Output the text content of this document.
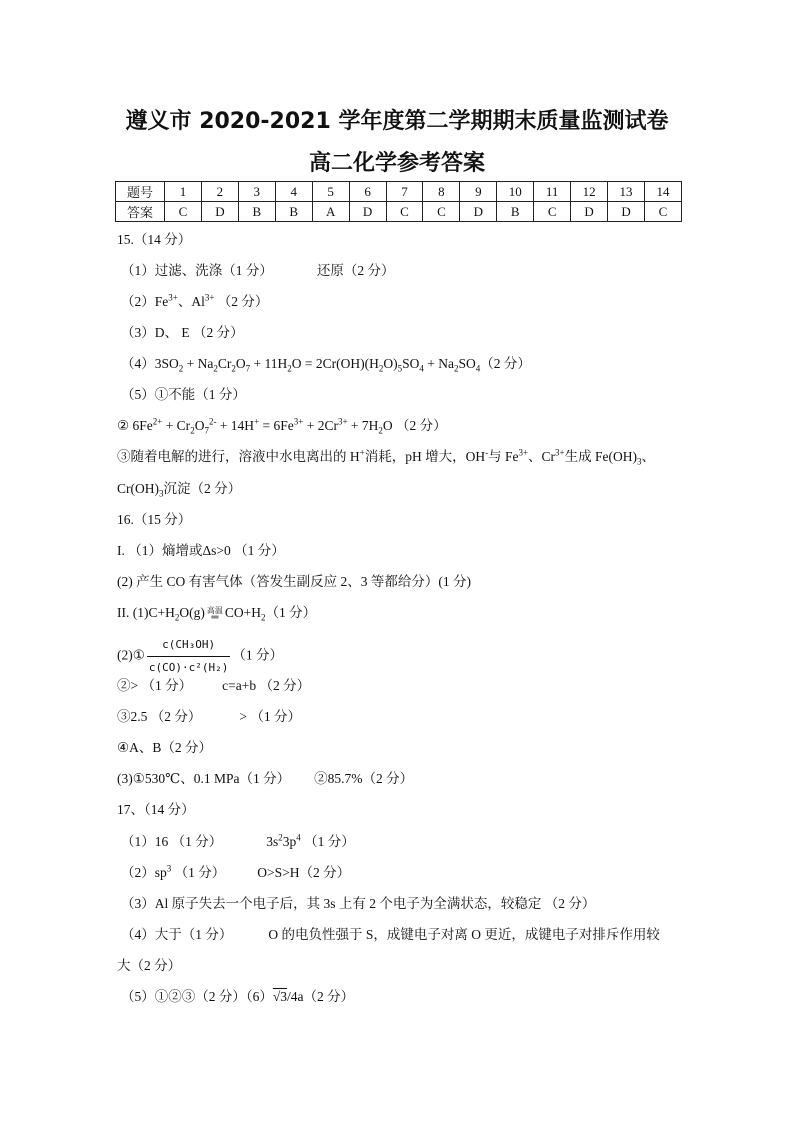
遵义市 2020-2021 学年度第二学期期末质量监测试卷
高二化学参考答案
题号	1	2	3	4	5	6	7	8	9	10	11	12	13	14
答案	C	D	B	B	A	D	C	C	D	B	C	D	D	C
15.（14 分）
（1）过滤、洗涤（1 分）	还原（2 分）
$(2)Fe^{3+}$、$Al^{3+}$ （2 分）
（3）D、 E （2 分）
$(4)3SO_2 + Na_2Cr_2O_7 + 11H_2O = 2Cr(OH)(H_2O)_5SO_4 + Na_2SO_4(2$ 分）
（5）①不能（1 分）
② $6Fe^{2+} + Cr_2O_7^{2-} + 14H^+ = 6Fe^{3+} + 2Cr^{3+} + 7H_2O$ （2 分）
③随着电解的进行，溶液中水电离出的 H+消耗，pH 增大，OH-与 $Fe^{3+}$、$Cr^{3+}$生成 $Fe(OH)_3$、
$Cr(OH)_3$沉淀（2 分）
16.（15 分）
I. （1）熵增或Δs>0 （1 分）
(2) 产生 CO 有害气体（答发生副反应 2、3 等都给分）(1 分)
II. $(1)C+H_2O(g)$ 高温
═ $CO+H_2(1$ 分）
(2)① $\frac{\text{c(CH₃OH)}}{\text{c(CO)·c²(H₂)}} (1$ 分）
②> （1 分） c=a+b （2 分）
③2.5 （2 分）	> （1 分）
④A、B（2 分）
(3)①530℃、0.1 MPa（1 分） ②85.7%（2 分）
17、（14 分）
（1）16 （1 分）	$3s^23p^4$ （1 分）
$(2)sp^3$ （1 分） O>S>H（2 分）
（3）Al 原子失去一个电子后，其 3s 上有 2 个电子为全满状态，较稳定 （2 分）
（4）大于（1 分）	O 的电负性强于 S，成键电子对离 O 更近，成键电子对排斥作用较
大（2 分）
（5）①②③（2 分）（6）√3/4a（2 分）
